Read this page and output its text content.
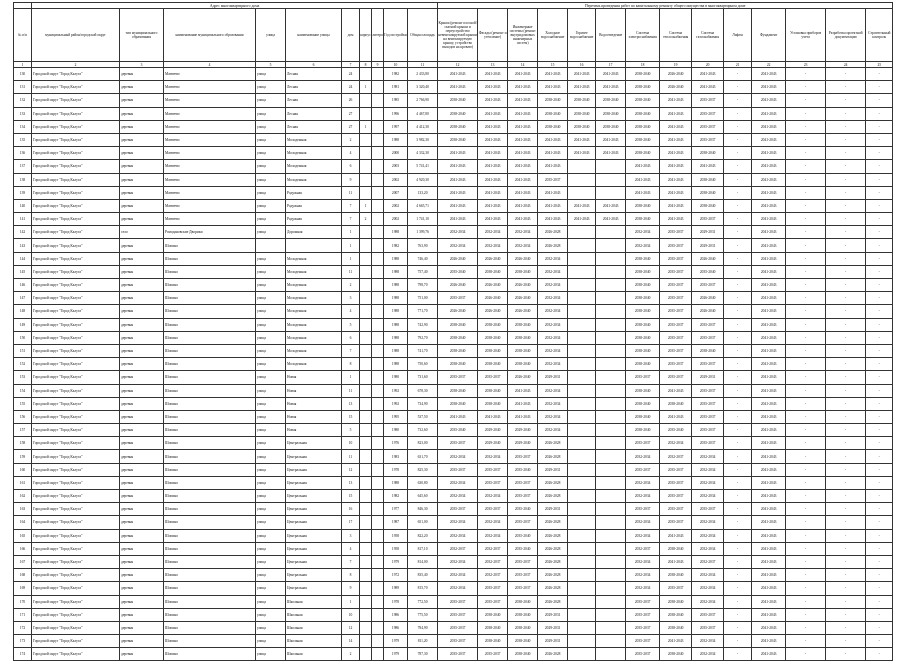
	Адрес многоквартирного дома										Перечень проведения работ по капитальному ремонту общего имущества в многоквартирном доме													
№ п/п	муниципальный район/городской округ	тип муниципального образования	наименование муниципального образования	улица	наименование улицы	дом	корпус	литера	Год постройки	Общая площадь	Крыша (ремонт плоской/скатной крыши и переустройство невентилируемой крыши на вентилируемую крышу, устройство выходов на кровлю)	Фасады (ремонт и утепление)	Инженерные системы (ремонт внутридомовых инженерных систем)	Холодное водоснабжение	Горячее водоснабжение	Водоотведение	Система электроснабжения	Система теплоснабжения	Система газоснабжения	Лифты	Фундамент	Установка приборов учета	Разработка проектной документации	Строительный контроль
1	2	3	4	5	6	7	8	9	10	11	12	13	14	15	16	17	18	19	20	21	22	23	24	25
130	Городской округ "Город Калуга"	деревня	Матвеево	улица	Лесная	24			1982	2 433,80	2041-2043	2041-2043	2041-2043	2041-2043	2041-2043	2041-2043	2038-2040	2026-2040	2041-2043	-	2041-2043	-	-	-
131	Городской округ "Город Калуга"	деревня	Матвеево	улица	Лесная	24	1		1981	3 320,40	2041-2043	2041-2043	2041-2043	2041-2043	2041-2043	2041-2043	2038-2040	2026-2040	2041-2043	-	2041-2043	-	-	-
132	Городской округ "Город Калуга"	деревня	Матвеево	улица	Лесная	26			1985	2 766,90	2038-2040	2041-2043	2041-2043	2038-2040	2038-2040	2038-2040	2038-2040	2041-2043	2035-2037	-	2041-2043	-	-	-
133	Городской округ "Город Калуга"	деревня	Матвеево	улица	Лесная	27			1996	4 467,80	2038-2040	2041-2043	2041-2043	2038-2040	2038-2040	2038-2040	2038-2040	2041-2043	2035-2037	-	2041-2043	-	-	-
134	Городской округ "Город Калуга"	деревня	Матвеево	улица	Лесная	27	1		1997	4 412,30	2038-2040	2041-2043	2041-2043	2038-2040	2038-2040	2038-2040	2038-2040	2041-2043	2035-2037	-	2041-2043	-	-	-
135	Городской округ "Город Калуга"	деревня	Матвеево	улица	Молодежная	2			1988	3 982,30	2038-2040	2041-2043	2041-2043	2041-2043	2041-2043	2041-2043	2038-2040	2041-2043	2035-2037	-	2041-2043	-	-	-
136	Городской округ "Город Калуга"	деревня	Матвеево	улица	Молодежная	4			2000	4 332,30	2041-2043	2041-2043	2041-2043	2041-2043	2041-2043	2041-2043	2038-2040	2041-2043	2038-2040	-	2041-2043	-	-	-
137	Городской округ "Город Калуга"	деревня	Матвеево	улица	Молодежная	6			2003	5 741,41	2041-2043	2041-2043	2041-2043	2041-2043			2041-2043	2041-2043	2041-2043	-	2041-2043	-	-	-
138	Городской округ "Город Калуга"	деревня	Матвеево	улица	Молодежная	9			2002	4 920,30	2041-2043	2041-2043	2041-2043	2035-2037			2041-2043	2041-2043	2038-2040	-	2041-2043	-	-	-
139	Городской округ "Город Калуга"	деревня	Матвеево	улица	Радужная	11			2007	133,20	2041-2043	2041-2043	2041-2043	2041-2043			2041-2043	2041-2043	2038-2040	-	2041-2043	-	-	-
140	Городской округ "Город Калуга"	деревня	Матвеево	улица	Радужная	7	1		2002	4 665,71	2041-2043	2041-2043	2041-2043	2041-2043	2041-2043	2041-2043	2038-2040	2041-2043	2038-2040	-	2041-2043	-	-	-
141	Городской округ "Город Калуга"	деревня	Матвеево	улица	Радужная	7	2		2002	1 741,10	2041-2043	2041-2043	2041-2043	2041-2043	2041-2043	2041-2043	2038-2040	2041-2043	2035-2037	-	2041-2043	-	-	-
142	Городской округ "Город Калуга"	село	Ромодановские Дворики	улица	Дорожная	1			1988	1 399,76	2032-2034	2032-2034	2032-2034	2026-2028			2032-2034	2035-2037	2029-2031	-	2041-2043	-	-	-
143	Городской округ "Город Калуга"	деревня	Шопино			1			1982	763,90	2032-2034	2032-2034	2032-2034	2026-2028			2032-2034	2035-2037	2029-2031	-	2041-2043	-	-	-
144	Городской округ "Город Калуга"	деревня	Шопино	улица	Молодежная	1			1988	746,40	2026-2040	2026-2040	2026-2040	2032-2034			2038-2040	2035-2037	2026-2040	-	2041-2043	-	-	-
145	Городской округ "Город Калуга"	деревня	Шопино	улица	Молодежная	11			1988	757,40	2035-2040	2038-2040	2038-2040	2032-2034			2038-2040	2035-2037	2035-2040	-	2041-2043	-	-	-
146	Городской округ "Город Калуга"	деревня	Шопино	улица	Молодежная	2			1988	798,70	2026-2040	2026-2040	2026-2040	2032-2034			2038-2040	2035-2037	2035-2037	-	2041-2043	-	-	-
147	Городской округ "Город Калуга"	деревня	Шопино	улица	Молодежная	3			1988	751,00	2035-2037	2026-2040	2026-2040	2032-2034			2038-2040	2035-2037	2026-2040	-	2041-2043	-	-	-
148	Городской округ "Город Калуга"	деревня	Шопино	улица	Молодежная	4			1988	771,70	2026-2040	2026-2040	2026-2040	2032-2034			2038-2040	2035-2037	2026-2040	-	2041-2043	-	-	-
149	Городской округ "Город Калуга"	деревня	Шопино	улица	Молодежная	5			1988	742,90	2038-2040	2038-2040	2038-2040	2032-2034			2038-2040	2035-2037	2035-2037	-	2041-2043	-	-	-
150	Городской округ "Город Калуга"	деревня	Шопино	улица	Молодежная	6			1988	792,70	2038-2040	2038-2040	2038-2040	2032-2034			2038-2040	2035-2037	2035-2037	-	2041-2043	-	-	-
151	Городской округ "Город Калуга"	деревня	Шопино	улица	Молодежная	7			1988	741,70	2038-2040	2038-2040	2038-2040	2032-2034			2038-2040	2035-2037	2038-2040	-	2041-2043	-	-	-
152	Городской округ "Город Калуга"	деревня	Шопино	улица	Молодежная	8			1988	750,60	2038-2040	2038-2040	2038-2040	2032-2034			2038-2040	2035-2037	2035-2037	-	2041-2043	-	-	-
153	Городской округ "Город Калуга"	деревня	Шопино	улица	Новая	1			1980	731,60	2035-2037	2035-2037	2026-2040	2029-2031			2035-2037	2035-2037	2029-2031	-	2041-2043	-	-	-
154	Городской округ "Город Калуга"	деревня	Шопино	улица	Новая	11			1992	678,30	2038-2040	2038-2040	2041-2043	2032-2034			2038-2040	2041-2043	2035-2037	-	2041-2043	-	-	-
155	Городской округ "Город Калуга"	деревня	Шопино	улица	Новая	13			1992	734,90	2038-2040	2038-2040	2041-2043	2032-2034			2038-2040	2038-2040	2035-2037	-	2041-2043	-	-	-
156	Городской округ "Город Калуга"	деревня	Шопино	улица	Новая	15			1995	537,50	2041-2043	2041-2043	2041-2043	2032-2034			2038-2040	2041-2043	2035-2037	-	2041-2043	-	-	-
157	Городской округ "Город Калуга"	деревня	Шопино	улица	Новая	5			1980	732,60	2035-2040	2029-2040	2029-2040	2032-2034			2038-2040	2035-2040	2035-2037	-	2041-2043	-	-	-
158	Городской округ "Город Калуга"	деревня	Шопино	улица	Центральная	10			1976	823,00	2035-2037	2029-2040	2029-2040	2026-2028			2035-2037	2032-2034	2035-2037	-	2041-2043	-	-	-
159	Городской округ "Город Калуга"	деревня	Шопино	улица	Центральная	11			1983	631,70	2032-2034	2032-2034	2035-2037	2026-2028			2032-2034	2032-2037	2032-2034	-	2041-2043	-	-	-
160	Городской округ "Город Калуга"	деревня	Шопино	улица	Центральная	12			1978	825,30	2035-2037	2035-2037	2035-2040	2029-2031			2035-2037	2035-2037	2032-2034	-	2041-2043	-	-	-
161	Городской округ "Город Калуга"	деревня	Шопино	улица	Центральная	13			1988	630,80	2032-2034	2035-2037	2035-2037	2026-2028			2032-2034	2035-2037	2032-2034	-	2041-2043	-	-	-
162	Городской округ "Город Калуга"	деревня	Шопино	улица	Центральная	15			1982	645,60	2032-2034	2032-2034	2035-2037	2026-2028			2032-2034	2035-2037	2032-2034	-	2041-2043	-	-	-
163	Городской округ "Город Калуга"	деревня	Шопино	улица	Центральная	16			1977	846,30	2035-2037	2035-2037	2035-2040	2029-2031			2035-2037	2035-2037	2035-2037	-	2041-2043	-	-	-
164	Городской округ "Город Калуга"	деревня	Шопино	улица	Центральная	17			1987	651,00	2032-2034	2032-2034	2035-2037	2026-2028			2032-2034	2035-2037	2032-2034	-	2041-2043	-	-	-
165	Городской округ "Город Калуга"	деревня	Шопино	улица	Центральная	3			1958	822,20	2032-2034	2032-2034	2035-2040	2026-2028			2032-2034	2041-2043	2032-2034	-	2041-2043	-	-	-
166	Городской округ "Город Калуга"	деревня	Шопино	улица	Центральная	4			1958	817,10	2032-2037	2032-2037	2035-2040	2026-2028			2032-2037	2038-2040	2032-2034	-	2041-2043	-	-	-
167	Городской округ "Город Калуга"	деревня	Шопино	улица	Центральная	7			1979	814,00	2032-2034	2032-2037	2035-2037	2026-2028			2032-2034	2041-2043	2032-2037	-	2041-2043	-	-	-
168	Городской округ "Город Калуга"	деревня	Шопино	улица	Центральная	8			1972	835,40	2032-2034	2032-2037	2035-2037	2026-2028			2032-2034	2038-2040	2032-2034	-	2041-2043	-	-	-
169	Городской округ "Город Калуга"	деревня	Шопино	улица	Центральная	9			1989	815,70	2032-2034	2035-2037	2035-2037	2026-2028			2032-2034	2035-2037	2032-2034	-	2041-2043	-	-	-
170	Городской округ "Город Калуга"	деревня	Шопино	улица	Школьная	1			1978	772,50	2035-2037	2035-2037	2038-2040	2026-2028			2035-2037	2038-2040	2032-2034	-	2041-2043	-	-	-
171	Городской округ "Город Калуга"	деревня	Шопино	улица	Школьная	10			1986	775,50	2035-2037	2038-2040	2038-2040	2029-2031			2035-2037	2038-2040	2035-2037	-	2041-2043	-	-	-
172	Городской округ "Город Калуга"	деревня	Шопино	улица	Школьная	12			1986	784,90	2035-2037	2038-2040	2038-2040	2029-2031			2035-2037	2038-2040	2035-2037	-	2041-2043	-	-	-
173	Городской округ "Город Калуга"	деревня	Шопино	улица	Школьная	14			1979	811,20	2035-2037	2038-2040	2038-2040	2029-2031			2035-2037	2041-2043	2032-2034	-	2041-2043	-	-	-
174	Городской округ "Город Калуга"	деревня	Шопино	улица	Школьная	2			1979	787,30	2035-2037	2035-2037	2038-2040	2026-2028			2035-2037	2038-2040	2032-2034	-	2041-2043	-	-	-
